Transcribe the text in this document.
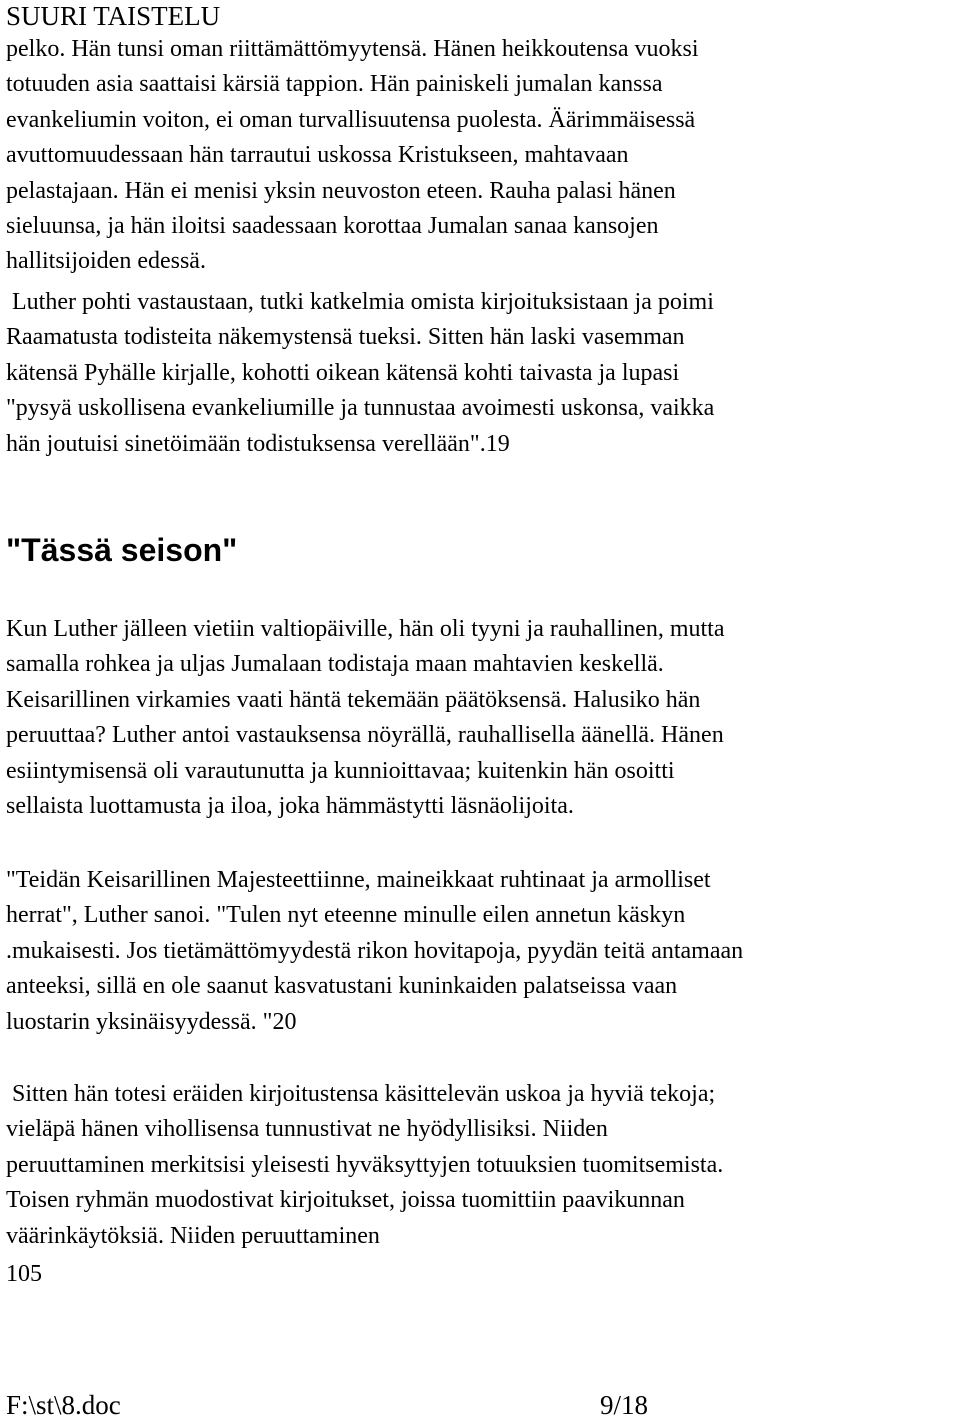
SUURI TAISTELU
pelko. Hän tunsi oman riittämättömyytensä. Hänen heikkoutensa vuoksi
totuuden asia saattaisi kärsiä tappion. Hän painiskeli jumalan kanssa
evankeliumin voiton, ei oman turvallisuutensa puolesta. Äärimmäisessä
avuttomuudessaan hän tarrautui uskossa Kristukseen, mahtavaan
pelastajaan. Hän ei menisi yksin neuvoston eteen. Rauha palasi hänen
sieluunsa, ja hän iloitsi saadessaan korottaa Jumalan sanaa kansojen
hallitsijoiden edessä.
Luther pohti vastaustaan, tutki katkelmia omista kirjoituksistaan ja poimi
Raamatusta todisteita näkemystensä tueksi. Sitten hän laski vasemman
kätensä Pyhälle kirjalle, kohotti oikean kätensä kohti taivasta ja lupasi
"pysyä uskollisena evankeliumille ja tunnustaa avoimesti uskonsa, vaikka
hän joutuisi sinetöimään todistuksensa verellään".19
"Tässä seison"
Kun Luther jälleen vietiin valtiopäiville, hän oli tyyni ja rauhallinen, mutta
samalla rohkea ja uljas Jumalaan todistaja maan mahtavien keskellä.
Keisarillinen virkamies vaati häntä tekemään päätöksensä. Halusiko hän
peruuttaa? Luther antoi vastauksensa nöyrällä, rauhallisella äänellä. Hänen
esiintymisensä oli varautunutta ja kunnioittavaa; kuitenkin hän osoitti
sellaista luottamusta ja iloa, joka hämmästytti läsnäolijoita.
"Teidän Keisarillinen Majesteettiinne, maineikkaat ruhtinaat ja armolliset
herrat", Luther sanoi. "Tulen nyt eteenne minulle eilen annetun käskyn
.mukaisesti. Jos tietämättömyydestä rikon hovitapoja, pyydän teitä antamaan
anteeksi, sillä en ole saanut kasvatustani kuninkaiden palatseissa vaan
luostarin yksinäisyydessä. "20
Sitten hän totesi eräiden kirjoitustensa käsittelevän uskoa ja hyviä tekoja;
vieläpä hänen vihollisensa tunnustivat ne hyödyllisiksi. Niiden
peruuttaminen merkitsisi yleisesti hyväksyttyjen totuuksien tuomitsemista.
Toisen ryhmän muodostivat kirjoitukset, joissa tuomittiin paavikunnan
väärinkäytöksiä. Niiden peruuttaminen
105
F:\st\8.doc	9/18
